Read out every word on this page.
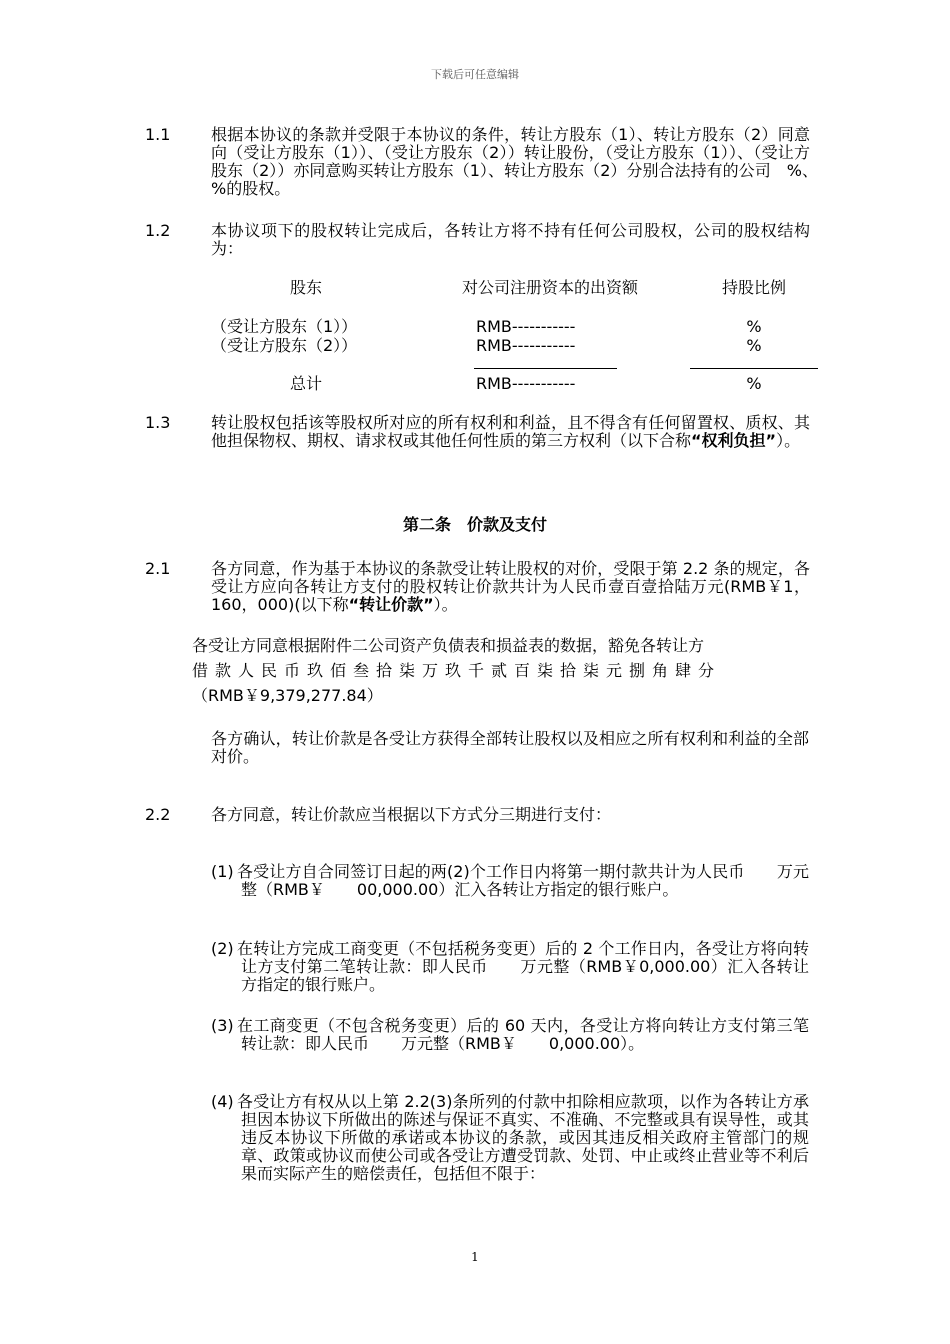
下载后可任意编辑
1.1	根据本协议的条款并受限于本协议的条件，转让方股东（1）、转让方股东（2）同意向（受让方股东（1））、（受让方股东（2））转让股份，（受让方股东（1））、（受让方股东（2））亦同意购买转让方股东（1）、转让方股东（2）分别合法持有的公司　%、　%的股权。
1.2	本协议项下的股权转让完成后，各转让方将不持有任何公司股权，公司的股权结构为：
股东	对公司注册资本的出资额	持股比例
（受让方股东（1））	RMB-----------	%
（受让方股东（2））	RMB-----------	%
总计	RMB-----------	%
1.3	转让股权包括该等股权所对应的所有权利和利益，且不得含有任何留置权、质权、其他担保物权、期权、请求权或其他任何性质的第三方权利（以下合称“权利负担”）。
第二条　价款及支付
2.1	各方同意，作为基于本协议的条款受让转让股权的对价，受限于第 2.2 条的规定，各受让方应向各转让方支付的股权转让价款共计为人民币壹百壹拾陆万元(RMB￥1，160，000)(以下称“转让价款”）。
各受让方同意根据附件二公司资产负债表和损益表的数据，豁免各转让方
借款人民币玖佰叁拾柒万玖千贰百柒拾柒元捌角肆分
（RMB￥9,379,277.84）
各方确认，转让价款是各受让方获得全部转让股权以及相应之所有权利和利益的全部对价。
2.2	各方同意，转让价款应当根据以下方式分三期进行支付：
(1) 各受让方自合同签订日起的两(2)个工作日内将第一期付款共计为人民币　　万元整（RMB￥　　00,000.00）汇入各转让方指定的银行账户。
(2) 在转让方完成工商变更（不包括税务变更）后的 2 个工作日内，各受让方将向转让方支付第二笔转让款：即人民币　　万元整（RMB￥0,000.00）汇入各转让方指定的银行账户。
(3) 在工商变更（不包含税务变更）后的 60 天内，各受让方将向转让方支付第三笔转让款：即人民币　　万元整（RMB￥　　0,000.00）。
(4) 各受让方有权从以上第 2.2(3)条所列的付款中扣除相应款项，以作为各转让方承担因本协议下所做出的陈述与保证不真实、不准确、不完整或具有误导性，或其违反本协议下所做的承诺或本协议的条款，或因其违反相关政府主管部门的规章、政策或协议而使公司或各受让方遭受罚款、处罚、中止或终止营业等不利后果而实际产生的赔偿责任，包括但不限于：
1
